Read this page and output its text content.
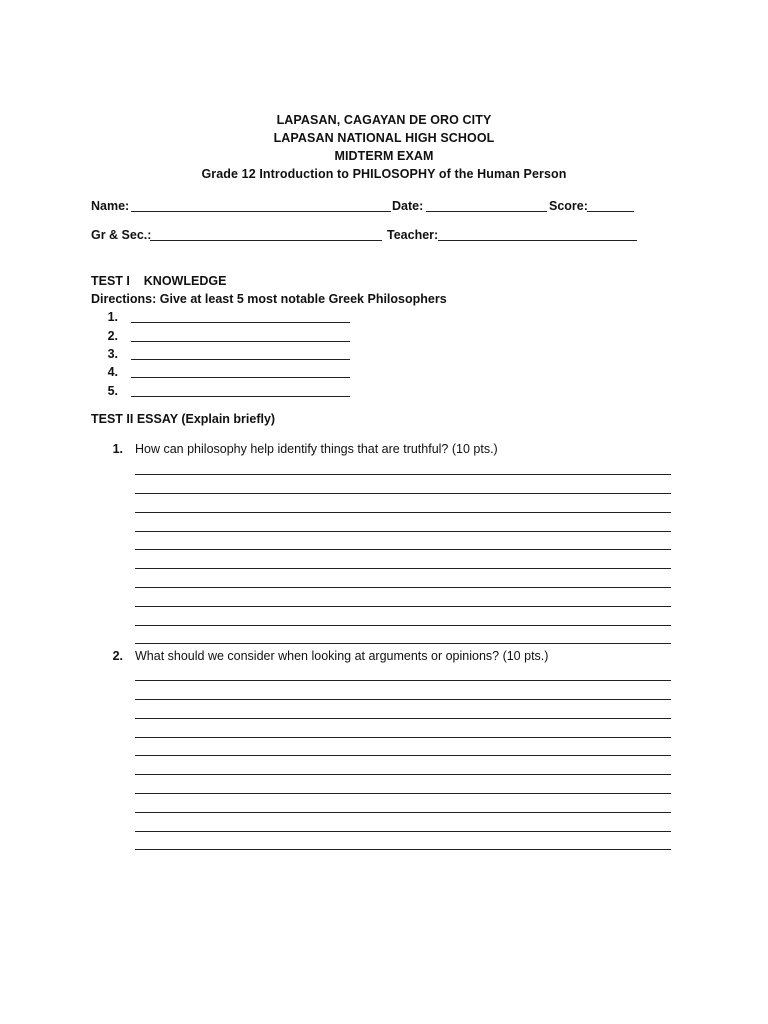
LAPASAN, CAGAYAN DE ORO CITY
LAPASAN NATIONAL HIGH SCHOOL
MIDTERM EXAM
Grade 12 Introduction to PHILOSOPHY of the Human Person
Name:	Date:	Score:
Gr & Sec.:	Teacher:
TEST I    KNOWLEDGE
Directions: Give at least 5 most notable Greek Philosophers
1.
2.
3.
4.
5.
TEST II ESSAY (Explain briefly)
1. How can philosophy help identify things that are truthful? (10 pts.)
2. What should we consider when looking at arguments or opinions? (10 pts.)
